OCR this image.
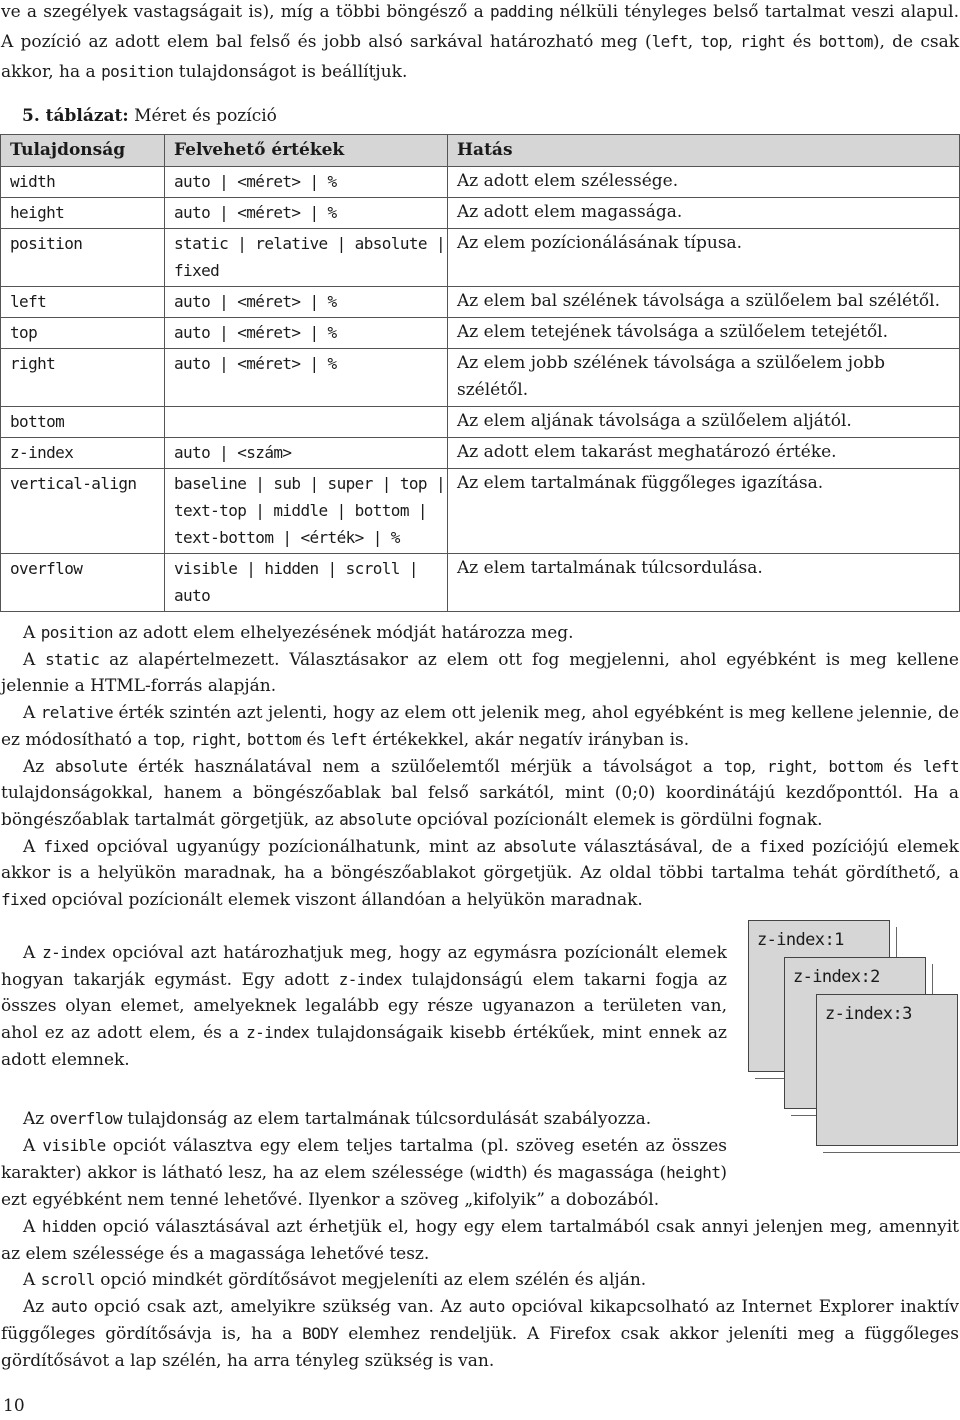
ve a szegélyek vastagságait is), míg a többi böngésző a padding nélküli tényleges belső tartalmat veszi alapul. A pozíció az adott elem bal felső és jobb alsó sarkával határozható meg (left, top, right és bottom), de csak akkor, ha a position tulajdonságot is beállítjuk.

5. táblázat: Méret és pozíció
Tulajdonság	Felvehető értékek	Hatás
width	auto | <méret> | %	Az adott elem szélessége.
height	auto | <méret> | %	Az adott elem magassága.
position	static | relative | absolute | fixed	Az elem pozícionálásának típusa.
left	auto | <méret> | %	Az elem bal szélének távolsága a szülőelem bal szélétől.
top	auto | <méret> | %	Az elem tetejének távolsága a szülőelem tetejétől.
right	auto | <méret> | %	Az elem jobb szélének távolsága a szülőelem jobb szélétől.
bottom		Az elem aljának távolsága a szülőelem aljától.
z-index	auto | <szám>	Az adott elem takarást meghatározó értéke.
vertical-align	baseline | sub | super | top | text-top | middle | bottom | text-bottom | <érték> | %	Az elem tartalmának függőleges igazítása.
overflow	visible | hidden | scroll | auto	Az elem tartalmának túlcsordulása.

A position az adott elem elhelyezésének módját határozza meg.

A static az alapértelmezett. Választásakor az elem ott fog megjelenni, ahol egyébként is meg kellene jelennie a HTML-forrás alapján.

A relative érték szintén azt jelenti, hogy az elem ott jelenik meg, ahol egyébként is meg kellene jelennie, de ez módosítható a top, right, bottom és left értékekkel, akár negatív irányban is.

Az absolute érték használatával nem a szülőelemtől mérjük a távolságot a top, right, bottom és left tulajdonságokkal, hanem a böngészőablak bal felső sarkától, mint (0;0) koordinátájú kezdőponttól. Ha a böngészőablak tartalmát görgetjük, az absolute opcióval pozícionált elemek is gördülni fognak.

A fixed opcióval ugyanúgy pozícionálhatunk, mint az absolute választásával, de a fixed pozíciójú elemek akkor is a helyükön maradnak, ha a böngészőablakot görgetjük. Az oldal többi tartalma tehát gördíthető, a fixed opcióval pozícionált elemek viszont állandóan a helyükön maradnak.

A z-index opcióval azt határozhatjuk meg, hogy az egymásra pozícionált elemek hogyan takarják egymást. Egy adott z-index tulajdonságú elem takarni fogja az összes olyan elemet, amelyeknek legalább egy része ugyanazon a területen van, ahol ez az adott elem, és a z-index tulajdonságaik kisebb értékűek, mint ennek az adott elemnek.

z-index:1
z-index:2
z-index:3

Az overflow tulajdonság az elem tartalmának túlcsordulását szabályozza.

A visible opciót választva egy elem teljes tartalma (pl. szöveg esetén az összes karakter) akkor is látható lesz, ha az elem szélessége (width) és magassága (height) ezt egyébként nem tenné lehetővé. Ilyenkor a szöveg „kifolyik” a dobozából.

A hidden opció választásával azt érhetjük el, hogy egy elem tartalmából csak annyi jelenjen meg, amennyit az elem szélessége és a magassága lehetővé tesz.

A scroll opció mindkét gördítősávot megjeleníti az elem szélén és alján.

Az auto opció csak azt, amelyikre szükség van. Az auto opcióval kikapcsolható az Internet Explorer inaktív függőleges gördítősávja is, ha a BODY elemhez rendeljük. A Firefox csak akkor jeleníti meg a függőleges gördítősávot a lap szélén, ha arra tényleg szükség is van.

10
